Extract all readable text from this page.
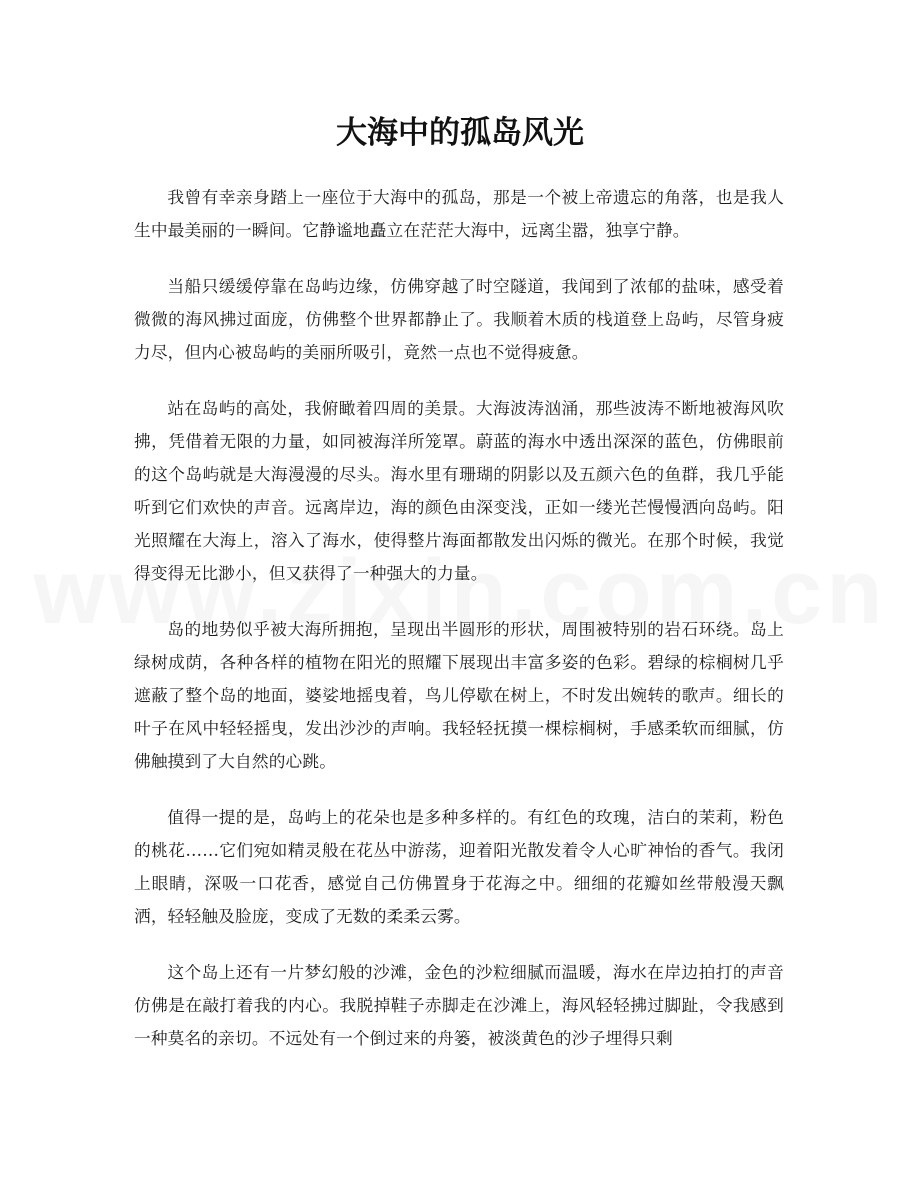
大海中的孤岛风光

我曾有幸亲身踏上一座位于大海中的孤岛，那是一个被上帝遗忘的角落，也是我人生中最美丽的一瞬间。它静谧地矗立在茫茫大海中，远离尘嚣，独享宁静。

当船只缓缓停靠在岛屿边缘，仿佛穿越了时空隧道，我闻到了浓郁的盐味，感受着微微的海风拂过面庞，仿佛整个世界都静止了。我顺着木质的栈道登上岛屿，尽管身疲力尽，但内心被岛屿的美丽所吸引，竟然一点也不觉得疲惫。

站在岛屿的高处，我俯瞰着四周的美景。大海波涛汹涌，那些波涛不断地被海风吹拂，凭借着无限的力量，如同被海洋所笼罩。蔚蓝的海水中透出深深的蓝色，仿佛眼前的这个岛屿就是大海漫漫的尽头。海水里有珊瑚的阴影以及五颜六色的鱼群，我几乎能听到它们欢快的声音。远离岸边，海的颜色由深变浅，正如一缕光芒慢慢洒向岛屿。阳光照耀在大海上，溶入了海水，使得整片海面都散发出闪烁的微光。在那个时候，我觉得变得无比渺小，但又获得了一种强大的力量。

岛的地势似乎被大海所拥抱，呈现出半圆形的形状，周围被特别的岩石环绕。岛上绿树成荫，各种各样的植物在阳光的照耀下展现出丰富多姿的色彩。碧绿的棕榈树几乎遮蔽了整个岛的地面，婆娑地摇曳着，鸟儿停歇在树上，不时发出婉转的歌声。细长的叶子在风中轻轻摇曳，发出沙沙的声响。我轻轻抚摸一棵棕榈树，手感柔软而细腻，仿佛触摸到了大自然的心跳。

值得一提的是，岛屿上的花朵也是多种多样的。有红色的玫瑰，洁白的茉莉，粉色的桃花……它们宛如精灵般在花丛中游荡，迎着阳光散发着令人心旷神怡的香气。我闭上眼睛，深吸一口花香，感觉自己仿佛置身于花海之中。细细的花瓣如丝带般漫天飘洒，轻轻触及脸庞，变成了无数的柔柔云雾。

这个岛上还有一片梦幻般的沙滩，金色的沙粒细腻而温暖，海水在岸边拍打的声音仿佛是在敲打着我的内心。我脱掉鞋子赤脚走在沙滩上，海风轻轻拂过脚趾，令我感到一种莫名的亲切。不远处有一个倒过来的舟篓，被淡黄色的沙子埋得只剩
